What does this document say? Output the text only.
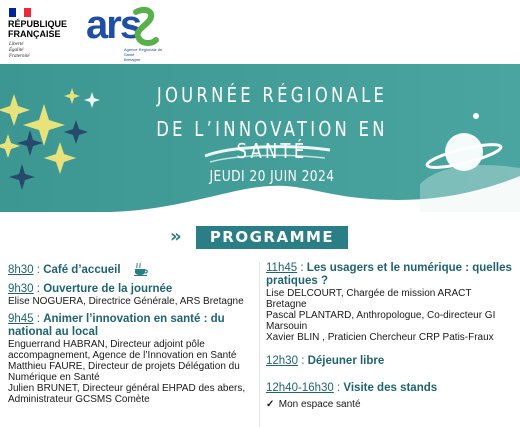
RÉPUBLIQUE
FRANÇAISE
Liberté
Égalité
Fraternité
ars
Agence Régionale de Santé
Bretagne
JOURNÉE RÉGIONALE
DE L’INNOVATION EN SANTÉ
JEUDI 20 JUIN 2024
»	PROGRAMME
8h30 : Café d’accueil
9h30 : Ouverture de la journée
Elise NOGUERA, Directrice Générale, ARS Bretagne
9h45 : Animer l’innovation en santé : du national au local
Enguerrand HABRAN, Directeur adjoint pôle
accompagnement, Agence de l’Innovation en Santé
Matthieu FAURE, Directeur de projets Délégation du
Numérique en Santé
Julien BRUNET, Directeur général EHPAD des abers,
Administrateur GCSMS Comète
11h45 : Les usagers et le numérique : quelles pratiques ?
Lise DELCOURT, Chargée de mission ARACT Bretagne
Pascal PLANTARD, Anthropologue, Co-directeur GI
Marsouin
Xavier BLIN , Praticien Chercheur CRP Patis-Fraux
12h30 : Déjeuner libre
12h40-16h30 : Visite des stands
✓ Mon espace santé
